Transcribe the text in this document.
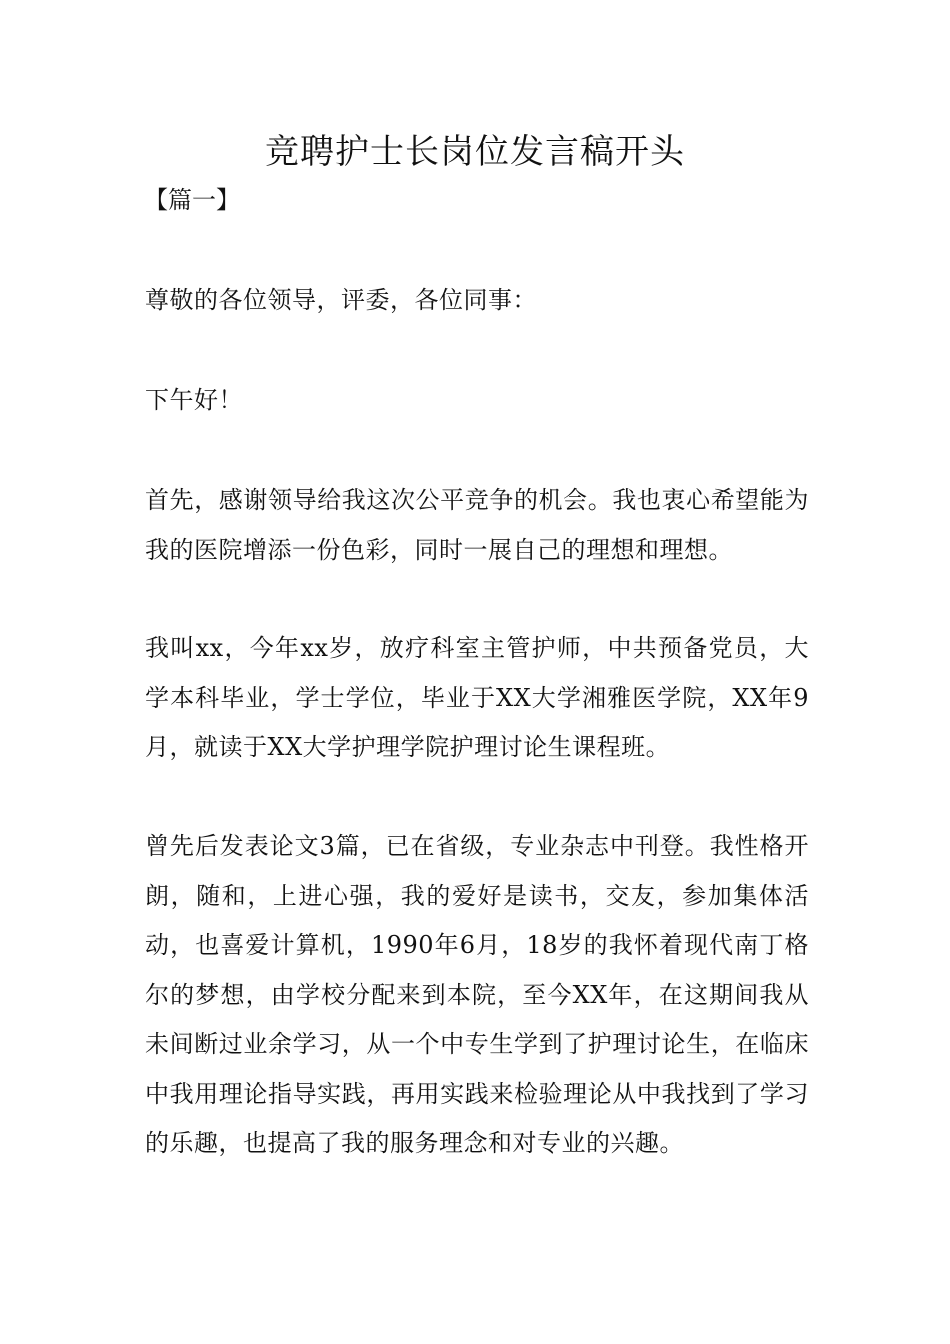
竞聘护士长岗位发言稿开头

【篇一】

尊敬的各位领导，评委，各位同事：

下午好！

首先，感谢领导给我这次公平竞争的机会。我也衷心希望能为我的医院增添一份色彩，同时一展自己的理想和理想。

我叫xx，今年xx岁，放疗科室主管护师，中共预备党员，大学本科毕业，学士学位，毕业于XX大学湘雅医学院，XX年9月，就读于XX大学护理学院护理讨论生课程班。

曾先后发表论文3篇，已在省级，专业杂志中刊登。我性格开朗，随和，上进心强，我的爱好是读书，交友，参加集体活动，也喜爱计算机，1990年6月，18岁的我怀着现代南丁格尔的梦想，由学校分配来到本院，至今XX年，在这期间我从未间断过业余学习，从一个中专生学到了护理讨论生，在临床中我用理论指导实践，再用实践来检验理论从中我找到了学习的乐趣，也提高了我的服务理念和对专业的兴趣。
